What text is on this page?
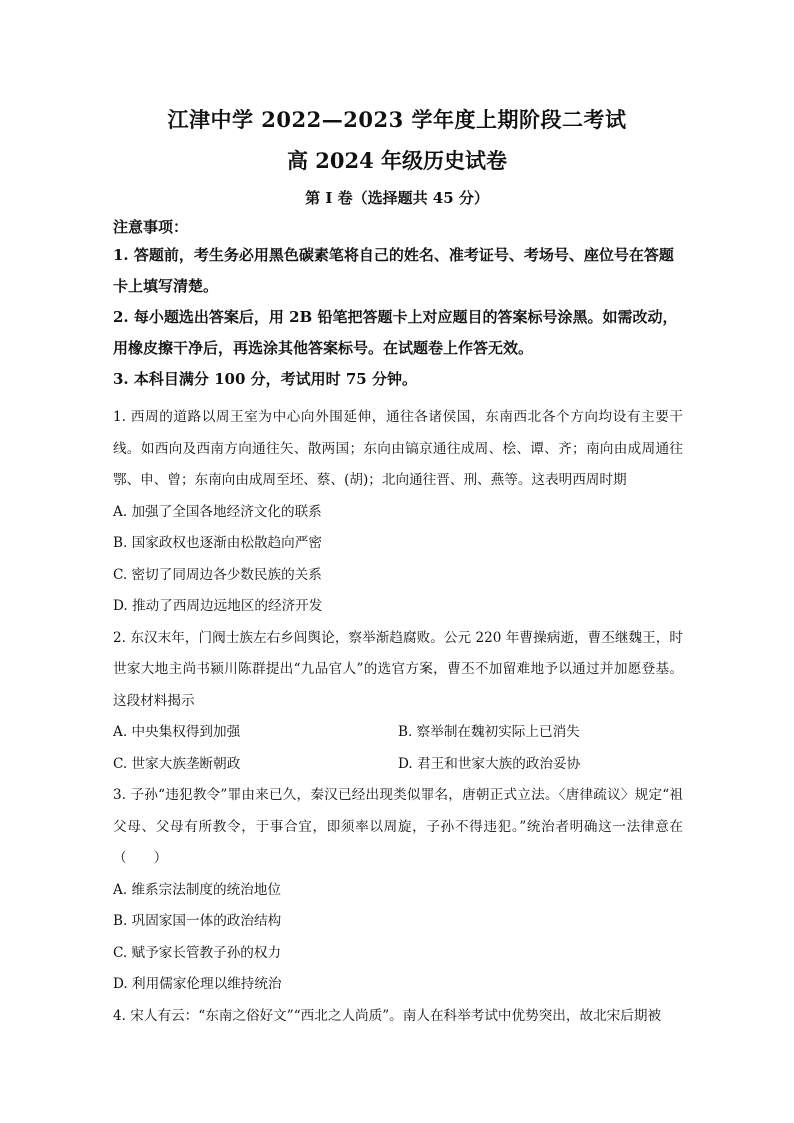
江津中学 2022—2023 学年度上期阶段二考试
高 2024 年级历史试卷
第 I 卷（选择题共 45 分）

注意事项：

1. 答题前，考生务必用黑色碳素笔将自己的姓名、准考证号、考场号、座位号在答题卡上填写清楚。

2. 每小题选出答案后，用 2B 铅笔把答题卡上对应题目的答案标号涂黑。如需改动，用橡皮擦干净后，再选涂其他答案标号。在试题卷上作答无效。

3. 本科目满分 100 分，考试用时 75 分钟。

1. 西周的道路以周王室为中心向外围延伸，通往各诸侯国，东南西北各个方向均设有主要干线。如西向及西南方向通往矢、散两国；东向由镐京通往成周、桧、谭、齐；南向由成周通往鄂、申、曾；东南向由成周至坯、蔡、(胡)；北向通往晋、刑、燕等。这表明西周时期

A. 加强了全国各地经济文化的联系

B. 国家政权也逐渐由松散趋向严密

C. 密切了同周边各少数民族的关系

D. 推动了西周边远地区的经济开发

2. 东汉末年，门阀士族左右乡闾舆论，察举渐趋腐败。公元 220 年曹操病逝，曹丕继魏王，时世家大地主尚书颍川陈群提出“九品官人”的选官方案，曹丕不加留难地予以通过并加愿登基。这段材料揭示

A. 中央集权得到加强	B. 察举制在魏初实际上已消失

C. 世家大族垄断朝政	D. 君王和世家大族的政治妥协

3. 子孙“违犯教令”罪由来已久，秦汉已经出现类似罪名，唐朝正式立法。〈唐律疏议〉规定“祖父母、父母有所教令，于事合宜，即须率以周旋，子孙不得违犯。”统治者明确这一法律意在（　　）

A. 维系宗法制度的统治地位

B. 巩固家国一体的政治结构

C. 赋予家长管教子孙的权力

D. 利用儒家伦理以维持统治

4. 宋人有云：“东南之俗好文”“西北之人尚质”。南人在科举考试中优势突出，故北宋后期被
